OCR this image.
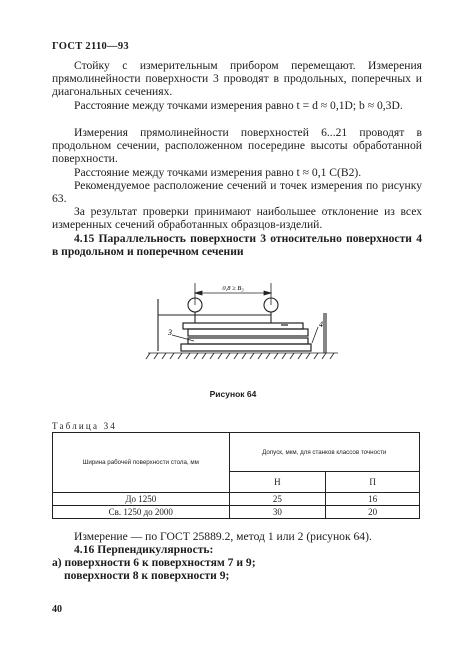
ГОСТ 2110—93

Стойку с измерительным прибором перемещают. Измерения прямолинейности поверхности 3 проводят в продольных, поперечных и диагональных сечениях.

Расстояние между точками измерения равно t = d ≈ 0,1D; b ≈ 0,3D.

Измерения прямолинейности поверхностей 6...21 проводят в продольном сечении, расположенном посередине высоты обработанной поверхности.

Расстояние между точками измерения равно t ≈ 0,1 C(B2).

Рекомендуемое расположение сечений и точек измерения по рисунку 63.

За результат проверки принимают наибольшее отклонение из всех измеренных сечений обработанных образцов-изделий.

4.15 Параллельность поверхности 3 относительно поверхности 4 в продольном и поперечном сечении

0,8 ≥ B₃
3
4
Рисунок 64
Таблица 34
Ширина рабочей поверхности стола, мм	Допуск, мкм, для станков классов точности	
	Н	П
До 1250	25	16
Св. 1250 до 2000	30	20

Измерение — по ГОСТ 25889.2, метод 1 или 2 (рисунок 64).

4.16 Перпендикулярность:

а) поверхности 6 к поверхностям 7 и 9;

поверхности 8 к поверхности 9;

40
